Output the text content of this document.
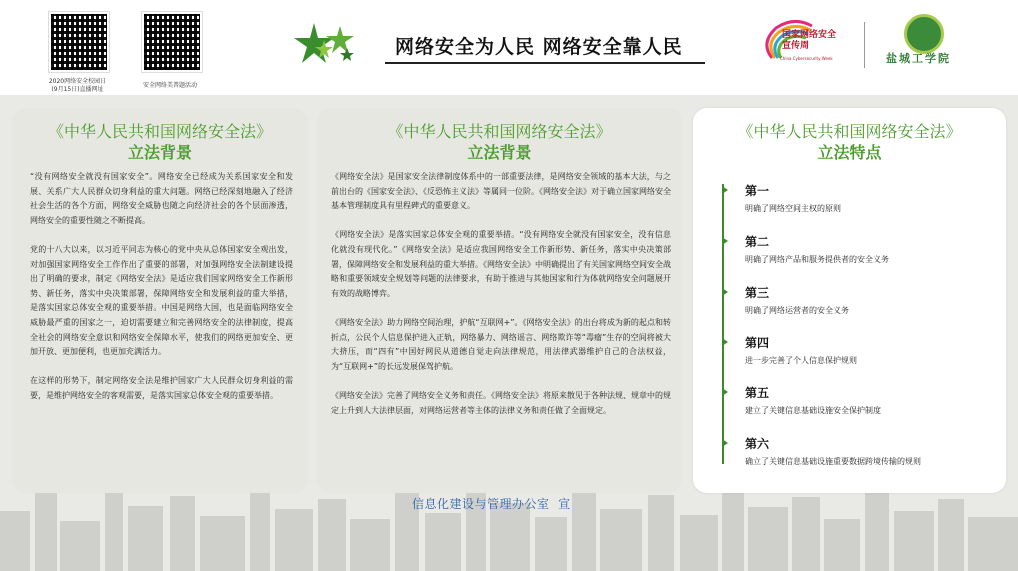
2020网络安全校园日
(9月15日)直播网址
安全网络美普题活动
网络安全为人民 网络安全靠人民
国家网络安全
宣传周
China Cybersecurity Week	盐城工学院
《中华人民共和国网络安全法》
立法背景

“没有网络安全就没有国家安全”。网络安全已经成为关系国家安全和发展、关系广大人民群众切身利益的重大问题。网络已经深刻地融入了经济社会生活的各个方面，网络安全威胁也随之向经济社会的各个层面渗透，网络安全的重要性随之不断提高。

党的十八大以来，以习近平同志为核心的党中央从总体国家安全观出发，对加强国家网络安全工作作出了重要的部署，对加强网络安全法制建设提出了明确的要求，制定《网络安全法》是适应我们国家网络安全工作新形势、新任务，落实中央决策部署，保障网络安全和发展利益的重大举措，是落实国家总体安全观的重要举措。中国是网络大国，也是面临网络安全威胁最严重的国家之一，迫切需要建立和完善网络安全的法律制度，提高全社会的网络安全意识和网络安全保障水平，使我们的网络更加安全、更加开放、更加便利，也更加充满活力。

在这样的形势下，制定网络安全法是维护国家广大人民群众切身利益的需要，是维护网络安全的客观需要，是落实国家总体安全观的重要举措。

《中华人民共和国网络安全法》
立法背景

《网络安全法》是国家安全法律制度体系中的一部重要法律，是网络安全领域的基本大法，与之前出台的《国家安全法》、《反恐怖主义法》等属同一位阶。《网络安全法》对于确立国家网络安全基本管理制度具有里程碑式的重要意义。

《网络安全法》是落实国家总体安全观的重要举措。“没有网络安全就没有国家安全，没有信息化就没有现代化。”《网络安全法》是适应我国网络安全工作新形势、新任务，落实中央决策部署，保障网络安全和发展利益的重大举措。《网络安全法》中明确提出了有关国家网络空间安全战略和重要领域安全规划等问题的法律要求，有助于推进与其他国家和行为体就网络安全问题展开有效的战略博弈。

《网络安全法》助力网络空间治理，护航“互联网+”。《网络安全法》的出台将成为新的起点和转折点，公民个人信息保护进入正轨，网络暴力、网络谣言、网络欺诈等“毒瘤”生存的空间将被大大挤压，而“四有”中国好网民从道德自觉走向法律规范，用法律武器维护自己的合法权益，为“互联网+”的长远发展保驾护航。

《网络安全法》完善了网络安全义务和责任。《网络安全法》将原来散见于各种法规、规章中的规定上升到人大法律层面，对网络运营者等主体的法律义务和责任做了全面规定。

《中华人民共和国网络安全法》
立法特点
第一
明确了网络空间主权的原则
第二
明确了网络产品和服务提供者的安全义务
第三
明确了网络运营者的安全义务
第四
进一步完善了个人信息保护规则
第五
建立了关键信息基础设施安全保护制度
第六
确立了关键信息基础设施重要数据跨境传输的规则
信息化建设与管理办公室  宣
